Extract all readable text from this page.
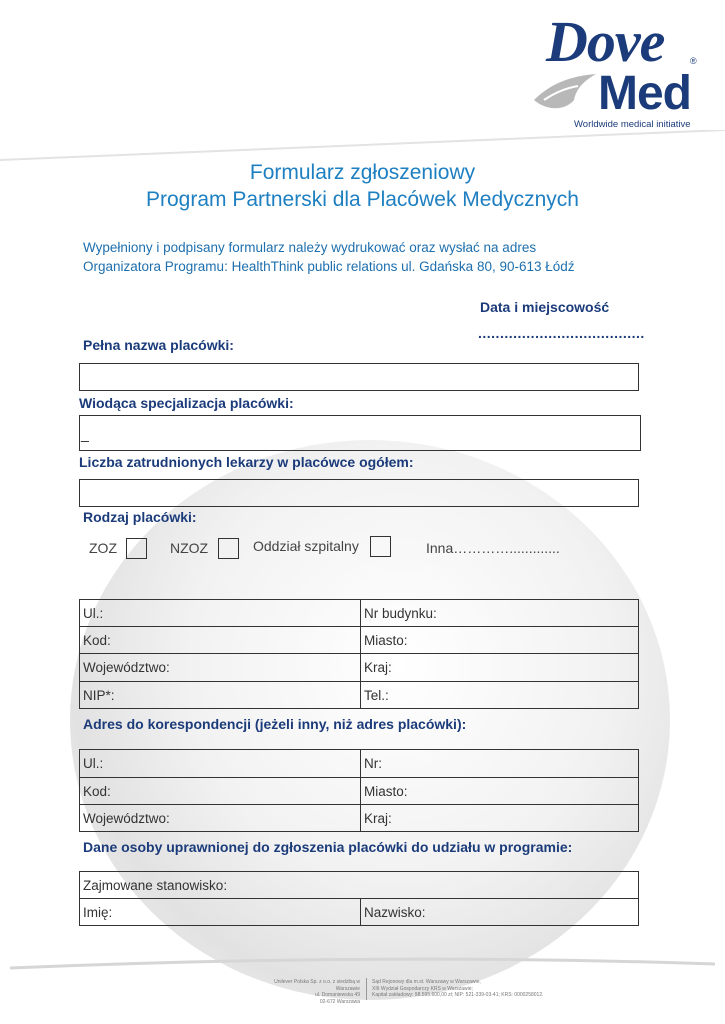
Dove
Med
®
Worldwide medical initiative
Formularz zgłoszeniowy
Program Partnerski dla Placówek Medycznych
Wypełniony i podpisany formularz należy wydrukować oraz wysłać na adres
Organizatora Programu: HealthThink public relations ul. Gdańska 80, 90-613 Łódź
Data i miejscowość
......................................
Pełna nazwa placówki:
Wiodąca specjalizacja placówki:
_
Liczba zatrudnionych lekarzy w placówce ogółem:
Rodzaj placówki:
ZOZ	NZOZ	Oddział szpitalny	Inna………….............
Ul.:	Nr budynku:
Kod:	Miasto:
Województwo:	Kraj:
NIP*:	Tel.:
Adres do korespondencji (jeżeli inny, niż adres placówki):
Ul.:	Nr:
Kod:	Miasto:
Województwo:	Kraj:
Dane osoby uprawnionej do zgłoszenia placówki do udziału w programie:
Zajmowane stanowisko:
Imię:	Nazwisko:
Unilever Polska Sp. z o.o. z siedzibą w Warszawie
ul. Domaniewska 49
02-672 Warszawa
Sąd Rejonowy dla m.st. Warszawy w Warszawie,
XIII Wydział Gospodarczy KRS w Warszawie;
Kapitał zakładowy: 98.595.600,00 zł; NIP: 521-339-03-41; KRS: 0000258012.
